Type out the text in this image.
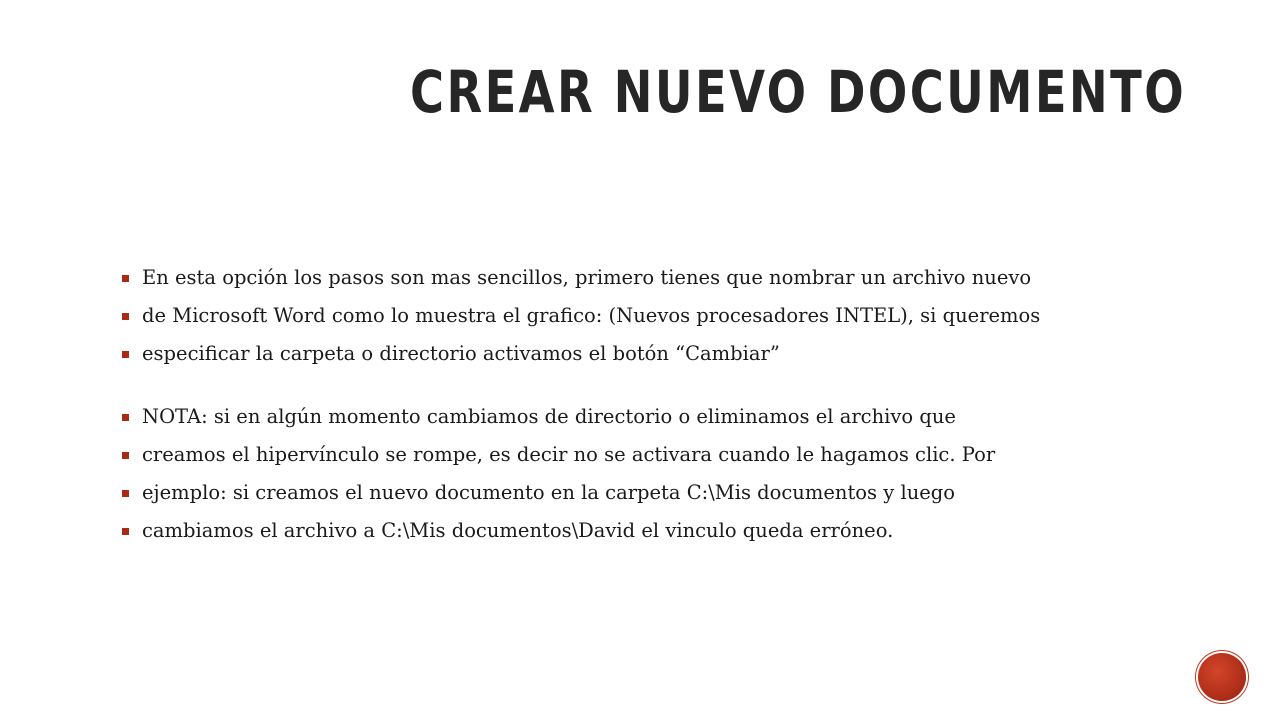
CREAR NUEVO DOCUMENTO
En esta opción los pasos son mas sencillos, primero tienes que nombrar un archivo nuevo
de Microsoft Word como lo muestra el grafico: (Nuevos procesadores INTEL), si queremos
especificar la carpeta o directorio activamos el botón “Cambiar”
NOTA: si en algún momento cambiamos de directorio o eliminamos el archivo que
creamos el hipervínculo se rompe, es decir no se activara cuando le hagamos clic. Por
ejemplo: si creamos el nuevo documento en la carpeta C:\Mis documentos y luego
cambiamos el archivo a C:\Mis documentos\David el vinculo queda erróneo.
